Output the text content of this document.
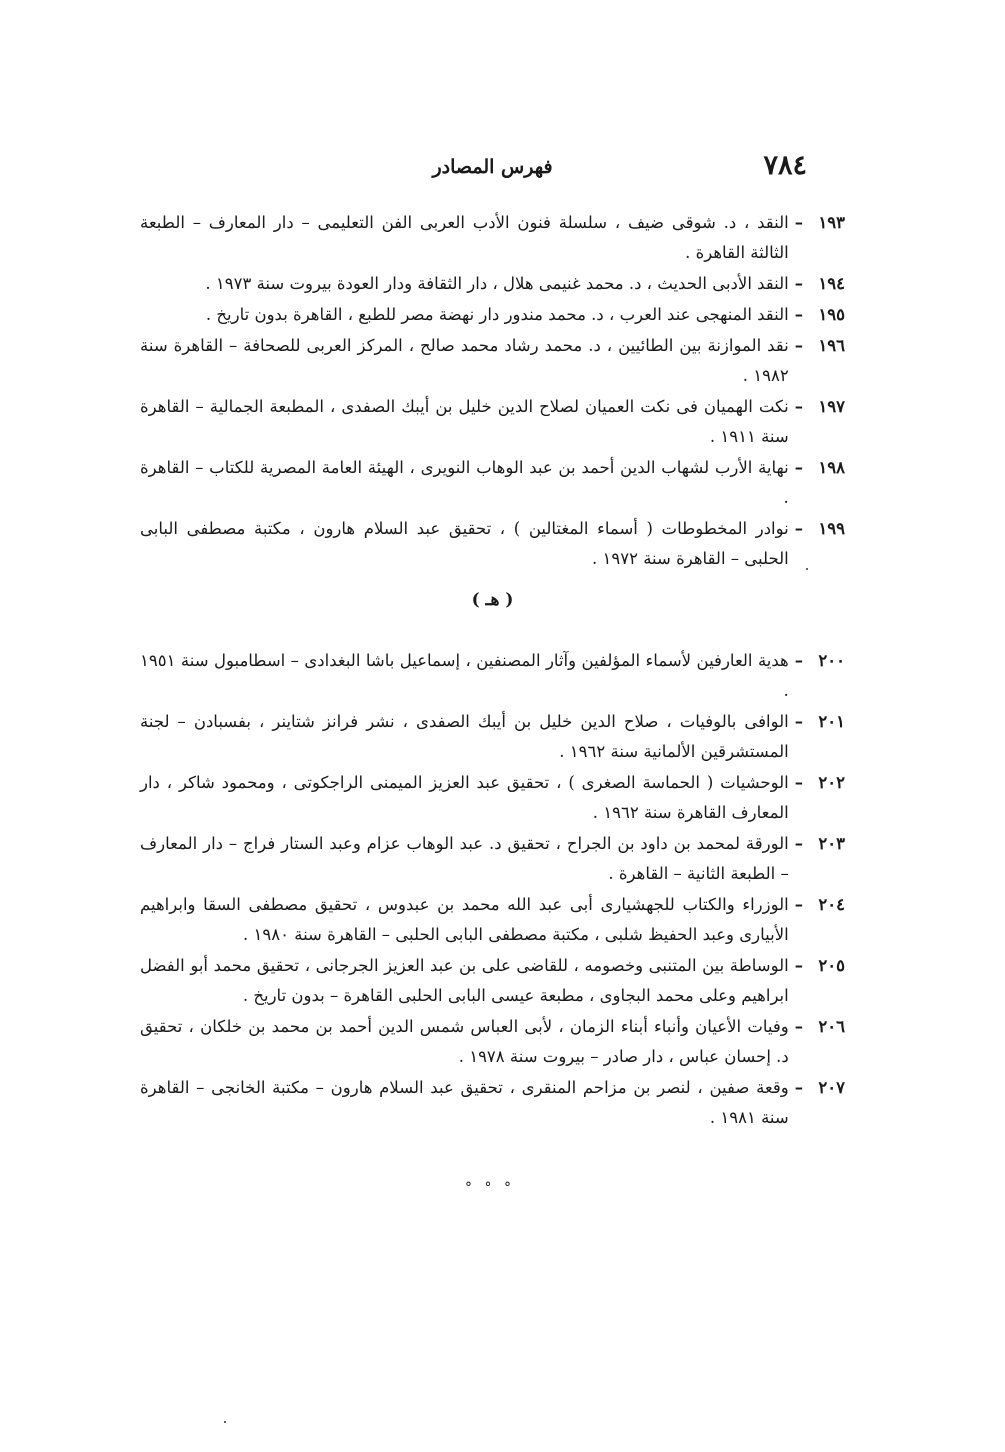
٧٨٤
فهرس المصادر
١٩٣
–
النقد ، د. شوقى ضيف ، سلسلة فنون الأدب العربى الفن التعليمى – دار المعارف – الطبعة الثالثة القاهرة .
١٩٤
–
النقد الأدبى الحديث ، د. محمد غنيمى هلال ، دار الثقافة ودار العودة بيروت سنة ١٩٧٣ .
١٩٥
–
النقد المنهجى عند العرب ، د. محمد مندور دار نهضة مصر للطبع ، القاهرة بدون تاريخ .
١٩٦
–
نقد الموازنة بين الطائيين ، د. محمد رشاد محمد صالح ، المركز العربى للصحافة – القاهرة سنة ١٩٨٢ .
١٩٧
–
نكت الهميان فى نكت العميان لصلاح الدين خليل بن أيبك الصفدى ، المطبعة الجمالية – القاهرة سنة ١٩١١ .
١٩٨
–
نهاية الأرب لشهاب الدين أحمد بن عبد الوهاب النويرى ، الهيئة العامة المصرية للكتاب – القاهرة .
١٩٩
–
نوادر المخطوطات ( أسماء المغتالين ) ، تحقيق عبد السلام هارون ، مكتبة مصطفى البابى الحلبى – القاهرة سنة ١٩٧٢ .
( هـ )
٢٠٠
–
هدية العارفين لأسماء المؤلفين وآثار المصنفين ، إسماعيل باشا البغدادى – اسطامبول سنة ١٩٥١ .
٢٠١
–
الوافى بالوفيات ، صلاح الدين خليل بن أيبك الصفدى ، نشر فرانز شتاينر ، بفسبادن – لجنة المستشرقين الألمانية سنة ١٩٦٢ .
٢٠٢
–
الوحشيات ( الحماسة الصغرى ) ، تحقيق عبد العزيز الميمنى الراجكوتى ، ومحمود شاكر ، دار المعارف القاهرة سنة ١٩٦٢ .
٢٠٣
–
الورقة لمحمد بن داود بن الجراح ، تحقيق د. عبد الوهاب عزام وعبد الستار فراج – دار المعارف – الطبعة الثانية – القاهرة .
٢٠٤
–
الوزراء والكتاب للجهشيارى أبى عبد الله محمد بن عبدوس ، تحقيق مصطفى السقا وابراهيم الأبيارى وعبد الحفيظ شلبى ، مكتبة مصطفى البابى الحلبى – القاهرة سنة ١٩٨٠ .
٢٠٥
–
الوساطة بين المتنبى وخصومه ، للقاضى على بن عبد العزيز الجرجانى ، تحقيق محمد أبو الفضل ابراهيم وعلى محمد البجاوى ، مطبعة عيسى البابى الحلبى القاهرة – بدون تاريخ .
٢٠٦
–
وفيات الأعيان وأنباء أبناء الزمان ، لأبى العباس شمس الدين أحمد بن محمد بن خلكان ، تحقيق د. إحسان عباس ، دار صادر – بيروت سنة ١٩٧٨ .
٢٠٧
–
وقعة صفين ، لنصر بن مزاحم المنقرى ، تحقيق عبد السلام هارون – مكتبة الخانجى – القاهرة سنة ١٩٨١ .
° ° °
